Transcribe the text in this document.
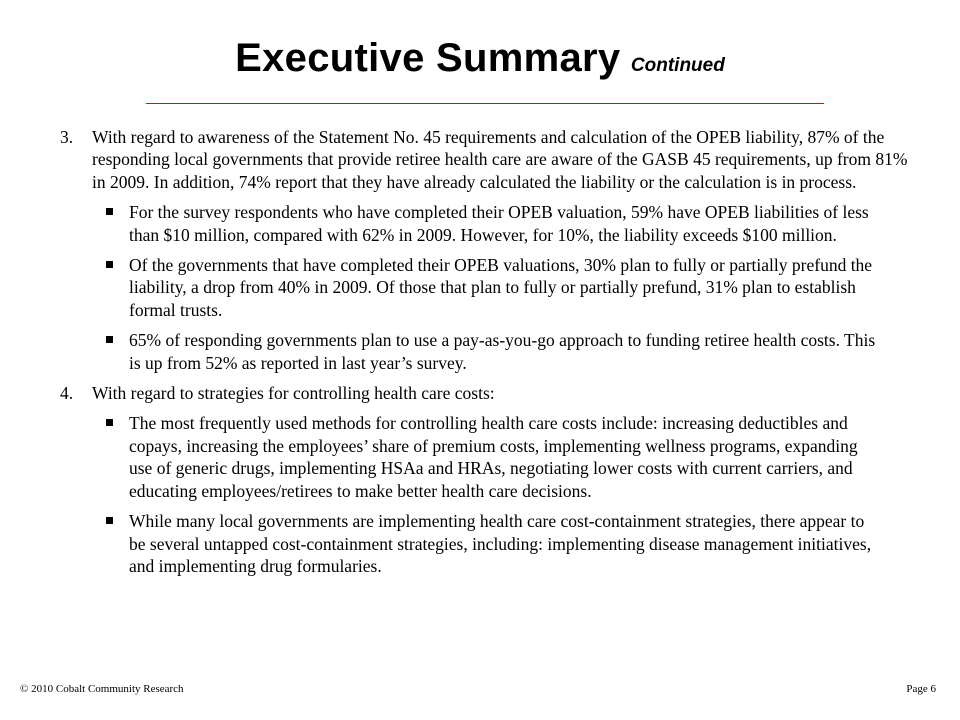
Executive Summary Continued
3.	With regard to awareness of the Statement No. 45 requirements and calculation of the OPEB liability, 87% of the responding local governments that provide retiree health care are aware of the GASB 45 requirements, up from 81% in 2009. In addition, 74% report that they have already calculated the liability or the calculation is in process.
For the survey respondents who have completed their OPEB valuation, 59% have OPEB liabilities of less than $10 million, compared with 62% in 2009. However, for 10%, the liability exceeds $100 million.
Of the governments that have completed their OPEB valuations, 30% plan to fully or partially prefund the liability, a drop from 40% in 2009. Of those that plan to fully or partially prefund, 31% plan to establish formal trusts.
65% of responding governments plan to use a pay-as-you-go approach to funding retiree health costs. This is up from 52% as reported in last year’s survey.
4.	With regard to strategies for controlling health care costs:
The most frequently used methods for controlling health care costs include: increasing deductibles and copays, increasing the employees’ share of premium costs, implementing wellness programs, expanding use of generic drugs, implementing HSAa and HRAs, negotiating lower costs with current carriers, and educating employees/retirees to make better health care decisions.
While many local governments are implementing health care cost-containment strategies, there appear to be several untapped cost-containment strategies, including: implementing disease management initiatives, and implementing drug formularies.
© 2010 Cobalt Community Research	Page 6
